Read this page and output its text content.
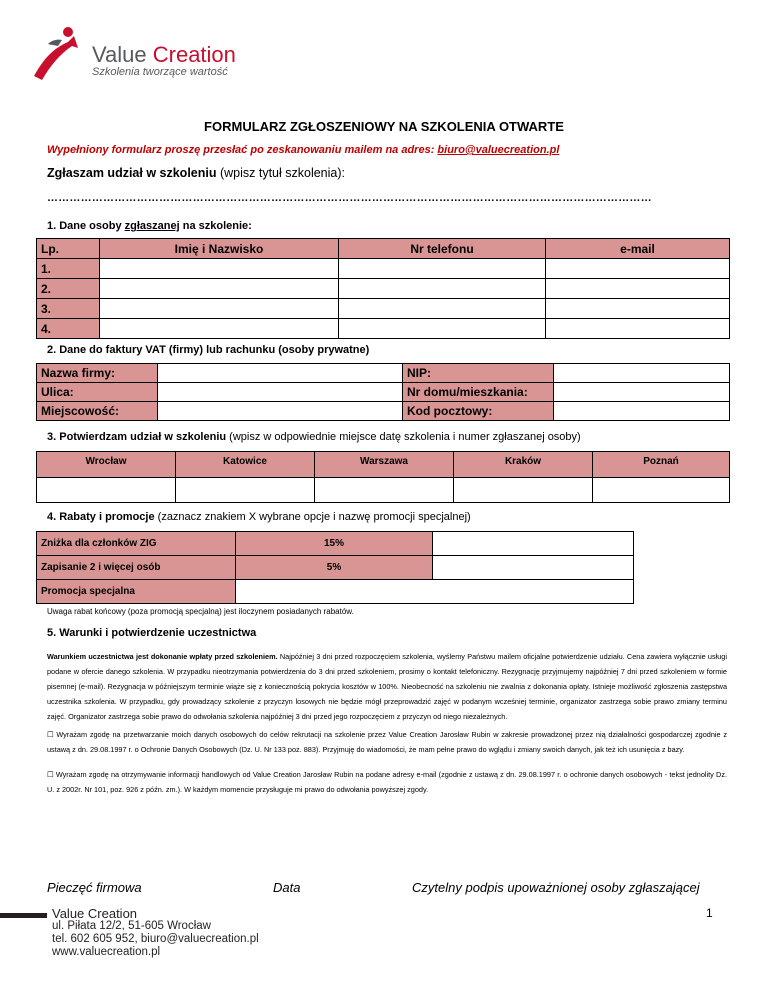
Value Creation
Szkolenia tworzące wartość
FORMULARZ ZGŁOSZENIOWY NA SZKOLENIA OTWARTE
Wypełniony formularz proszę przesłać po zeskanowaniu mailem na adres: biuro@valuecreation.pl
Zgłaszam udział w szkoleniu (wpisz tytuł szkolenia):
………………………………………………………………………………………………………………………………………………
1. Dane osoby zgłaszanej na szkolenie:
Lp.	Imię i Nazwisko	Nr telefonu	e-mail
1.			
2.			
3.			
4.			
2. Dane do faktury VAT (firmy) lub rachunku (osoby prywatne)
Nazwa firmy:		NIP:	
Ulica:		Nr domu/mieszkania:	
Miejscowość:		Kod pocztowy:	
3. Potwierdzam udział w szkoleniu (wpisz w odpowiednie miejsce datę szkolenia i numer zgłaszanej osoby)
Wrocław	Katowice	Warszawa	Kraków	Poznań

4. Rabaty i promocje (zaznacz znakiem X wybrane opcje i nazwę promocji specjalnej)
Zniżka dla członków ZIG	15%	
Zapisanie 2 i więcej osób	5%	
Promocja specjalna		
Uwaga rabat końcowy (poza promocją specjalną) jest iloczynem posiadanych rabatów.
5. Warunki i potwierdzenie uczestnictwa
Warunkiem uczestnictwa jest dokonanie wpłaty przed szkoleniem. Najpóźniej 3 dni przed rozpoczęciem szkolenia, wyślemy Państwu mailem oficjalne potwierdzenie udziału. Cena zawiera wyłącznie usługi podane w ofercie danego szkolenia. W przypadku nieotrzymania potwierdzenia do 3 dni przed szkoleniem, prosimy o kontakt telefoniczny. Rezygnację przyjmujemy najpóźniej 7 dni przed szkoleniem w formie pisemnej (e-mail). Rezygnacja w późniejszym terminie wiąże się z koniecznością pokrycia kosztów w 100%. Nieobecność na szkoleniu nie zwalnia z dokonania opłaty. Istnieje możliwość zgłoszenia zastępstwa uczestnika szkolenia. W przypadku, gdy prowadzący szkolenie z przyczyn losowych nie będzie mógł przeprowadzić zajęć w podanym wcześniej terminie, organizator zastrzega sobie prawo zmiany terminu zajęć. Organizator zastrzega sobie prawo do odwołania szkolenia najpóźniej 3 dni przed jego rozpoczęciem z przyczyn od niego niezależnych.
☐ Wyrażam zgodę na przetwarzanie moich danych osobowych do celów rekrutacji na szkolenie przez Value Creation Jarosław Rubin w zakresie prowadzonej przez nią działalności gospodarczej zgodnie z ustawą z dn. 29.08.1997 r. o Ochronie Danych Osobowych (Dz. U. Nr 133 poz. 883). Przyjmuję do wiadomości, że mam pełne prawo do wglądu i zmiany swoich danych, jak też ich usunięcia z bazy.
☐ Wyrażam zgodę na otrzymywanie informacji handlowych od Value Creation Jarosław Rubin na podane adresy e-mail (zgodnie z ustawą z dn. 29.08.1997 r. o ochronie danych osobowych - tekst jednolity Dz. U. z 2002r. Nr 101, poz. 926 z późn. zm.). W każdym momencie przysługuje mi prawo do odwołania powyższej zgody.
Pieczęć firmowa	Data	Czytelny podpis upoważnionej osoby zgłaszającej
Value Creation
ul. Piłata 12/2, 51-605 Wrocław
tel. 602 605 952, biuro@valuecreation.pl
www.valuecreation.pl
1
